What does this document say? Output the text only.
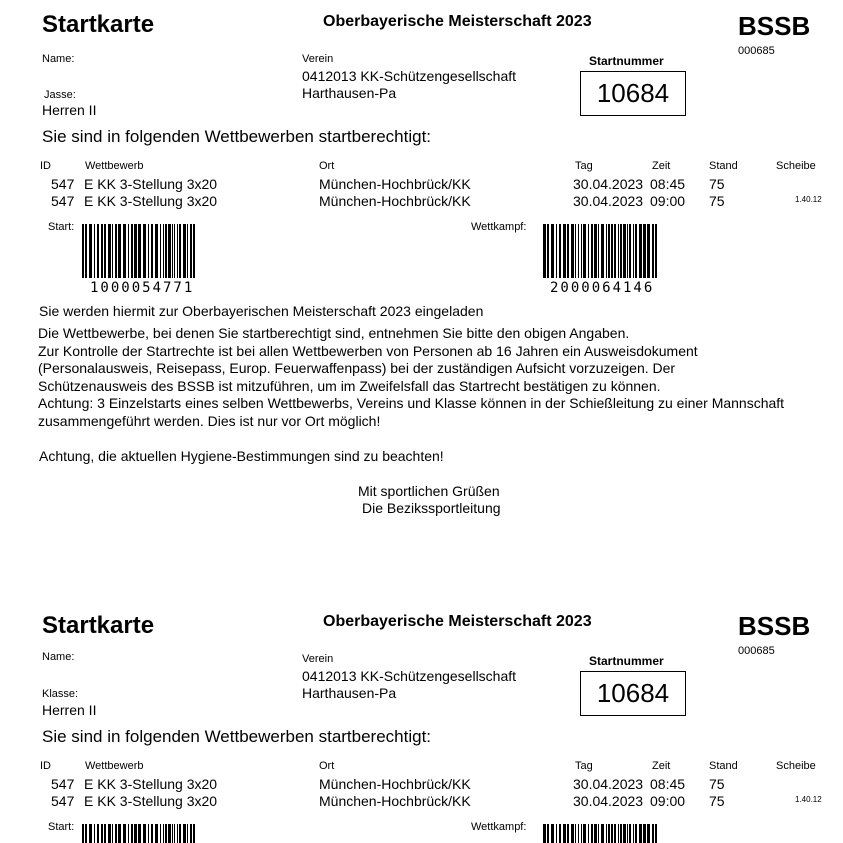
Startkarte	Oberbayerische Meisterschaft 2023	BSSB
000685
Name:	Verein
0412013 KK-Schützengesellschaft
Harthausen-Pa
Jasse:
Herren II
Startnummer
10684
Sie sind in folgenden Wettbewerben startberechtigt:
ID	Wettbewerb	Ort	Tag	Zeit	Stand	Scheibe
547 E KK 3-Stellung 3x20	München-Hochbrück/KK	30.04.2023 08:45 75
547 E KK 3-Stellung 3x20	München-Hochbrück/KK	30.04.2023 09:00 75	1.40.12
Start:
1000054771
Wettkampf:
2000064146
Sie werden hiermit zur Oberbayerischen Meisterschaft 2023 eingeladen

Die Wettbewerbe, bei denen Sie startberechtigt sind, entnehmen Sie bitte den obigen Angaben.

Zur Kontrolle der Startrechte ist bei allen Wettbewerben von Personen ab 16 Jahren ein Ausweisdokument

(Personalausweis, Reisepass, Europ. Feuerwaffenpass) bei der zuständigen Aufsicht vorzuzeigen. Der

Schützenausweis des BSSB ist mitzuführen, um im Zweifelsfall das Startrecht bestätigen zu können.

Achtung: 3 Einzelstarts eines selben Wettbewerbs, Vereins und Klasse können in der Schießleitung zu einer Mannschaft

zusammengeführt werden. Dies ist nur vor Ort möglich!

Achtung, die aktuellen Hygiene-Bestimmungen sind zu beachten!
Mit sportlichen Grüßen
Die Bezikssportleitung
Startkarte	Oberbayerische Meisterschaft 2023	BSSB
000685
Name:	Verein
0412013 KK-Schützengesellschaft
Harthausen-Pa
Klasse:
Herren II
Startnummer
10684
Sie sind in folgenden Wettbewerben startberechtigt:
ID	Wettbewerb	Ort	Tag	Zeit	Stand	Scheibe
547 E KK 3-Stellung 3x20	München-Hochbrück/KK	30.04.2023 08:45 75
547 E KK 3-Stellung 3x20	München-Hochbrück/KK	30.04.2023 09:00 75	1.40.12
Start:	Wettkampf:
